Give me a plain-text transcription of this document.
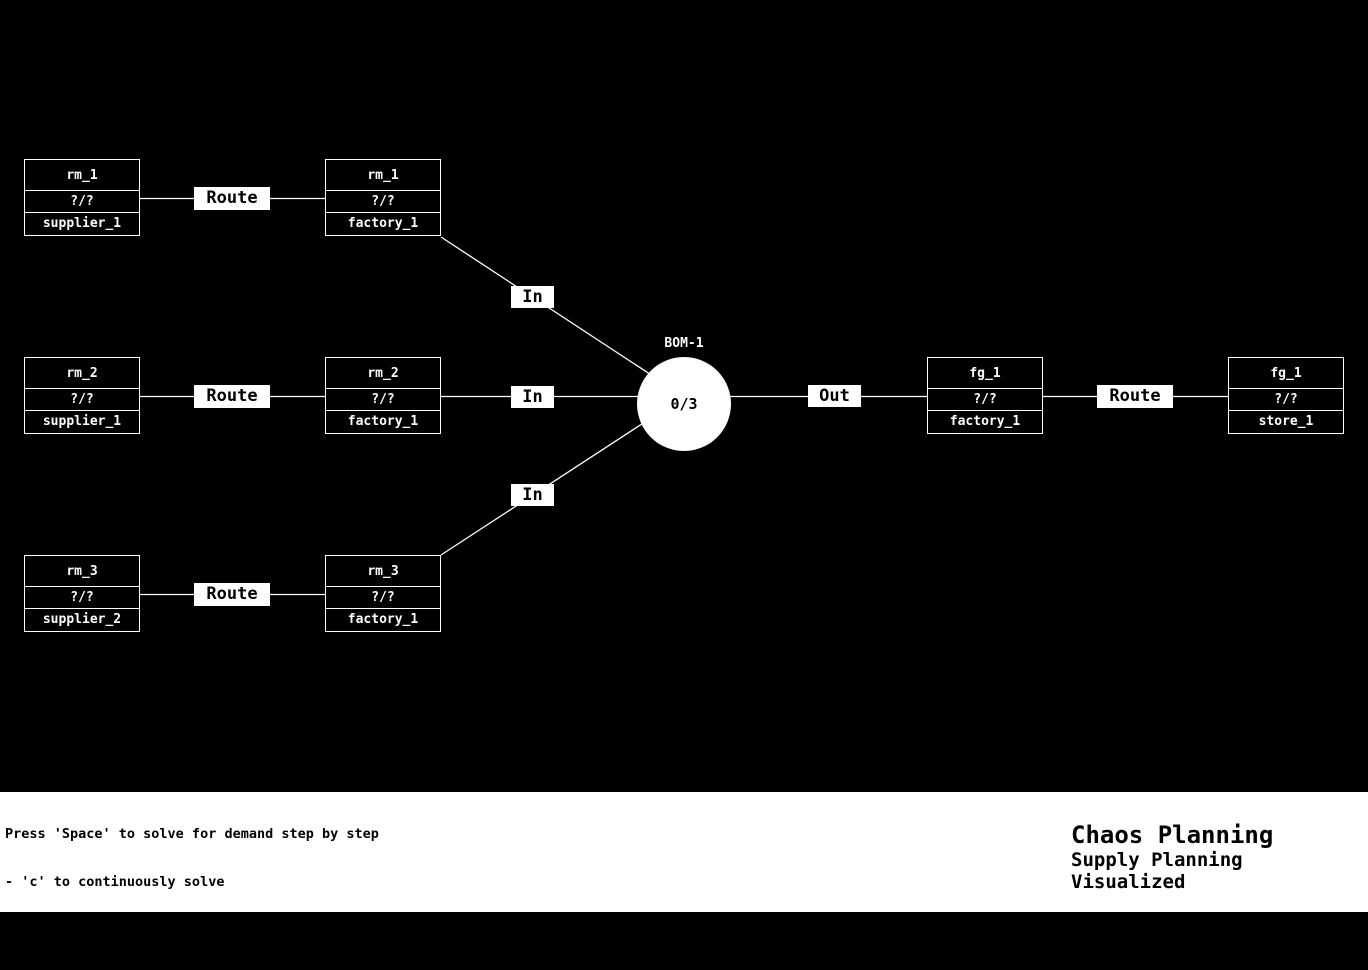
BOM-1
0/3
rm_1
?/?
supplier_1
Route
rm_1
?/?
factory_1
In
rm_2
?/?
supplier_1
Route
rm_2
?/?
factory_1
In	Out
fg_1
?/?
factory_1
Route
fg_1
?/?
store_1
rm_3
?/?
supplier_2
Route
rm_3
?/?
factory_1
In

Press 'Space' to solve for demand step by step

- 'c' to continuously solve

- 'f' to solve fast

Chaos Planning
Supply Planning Visualized
